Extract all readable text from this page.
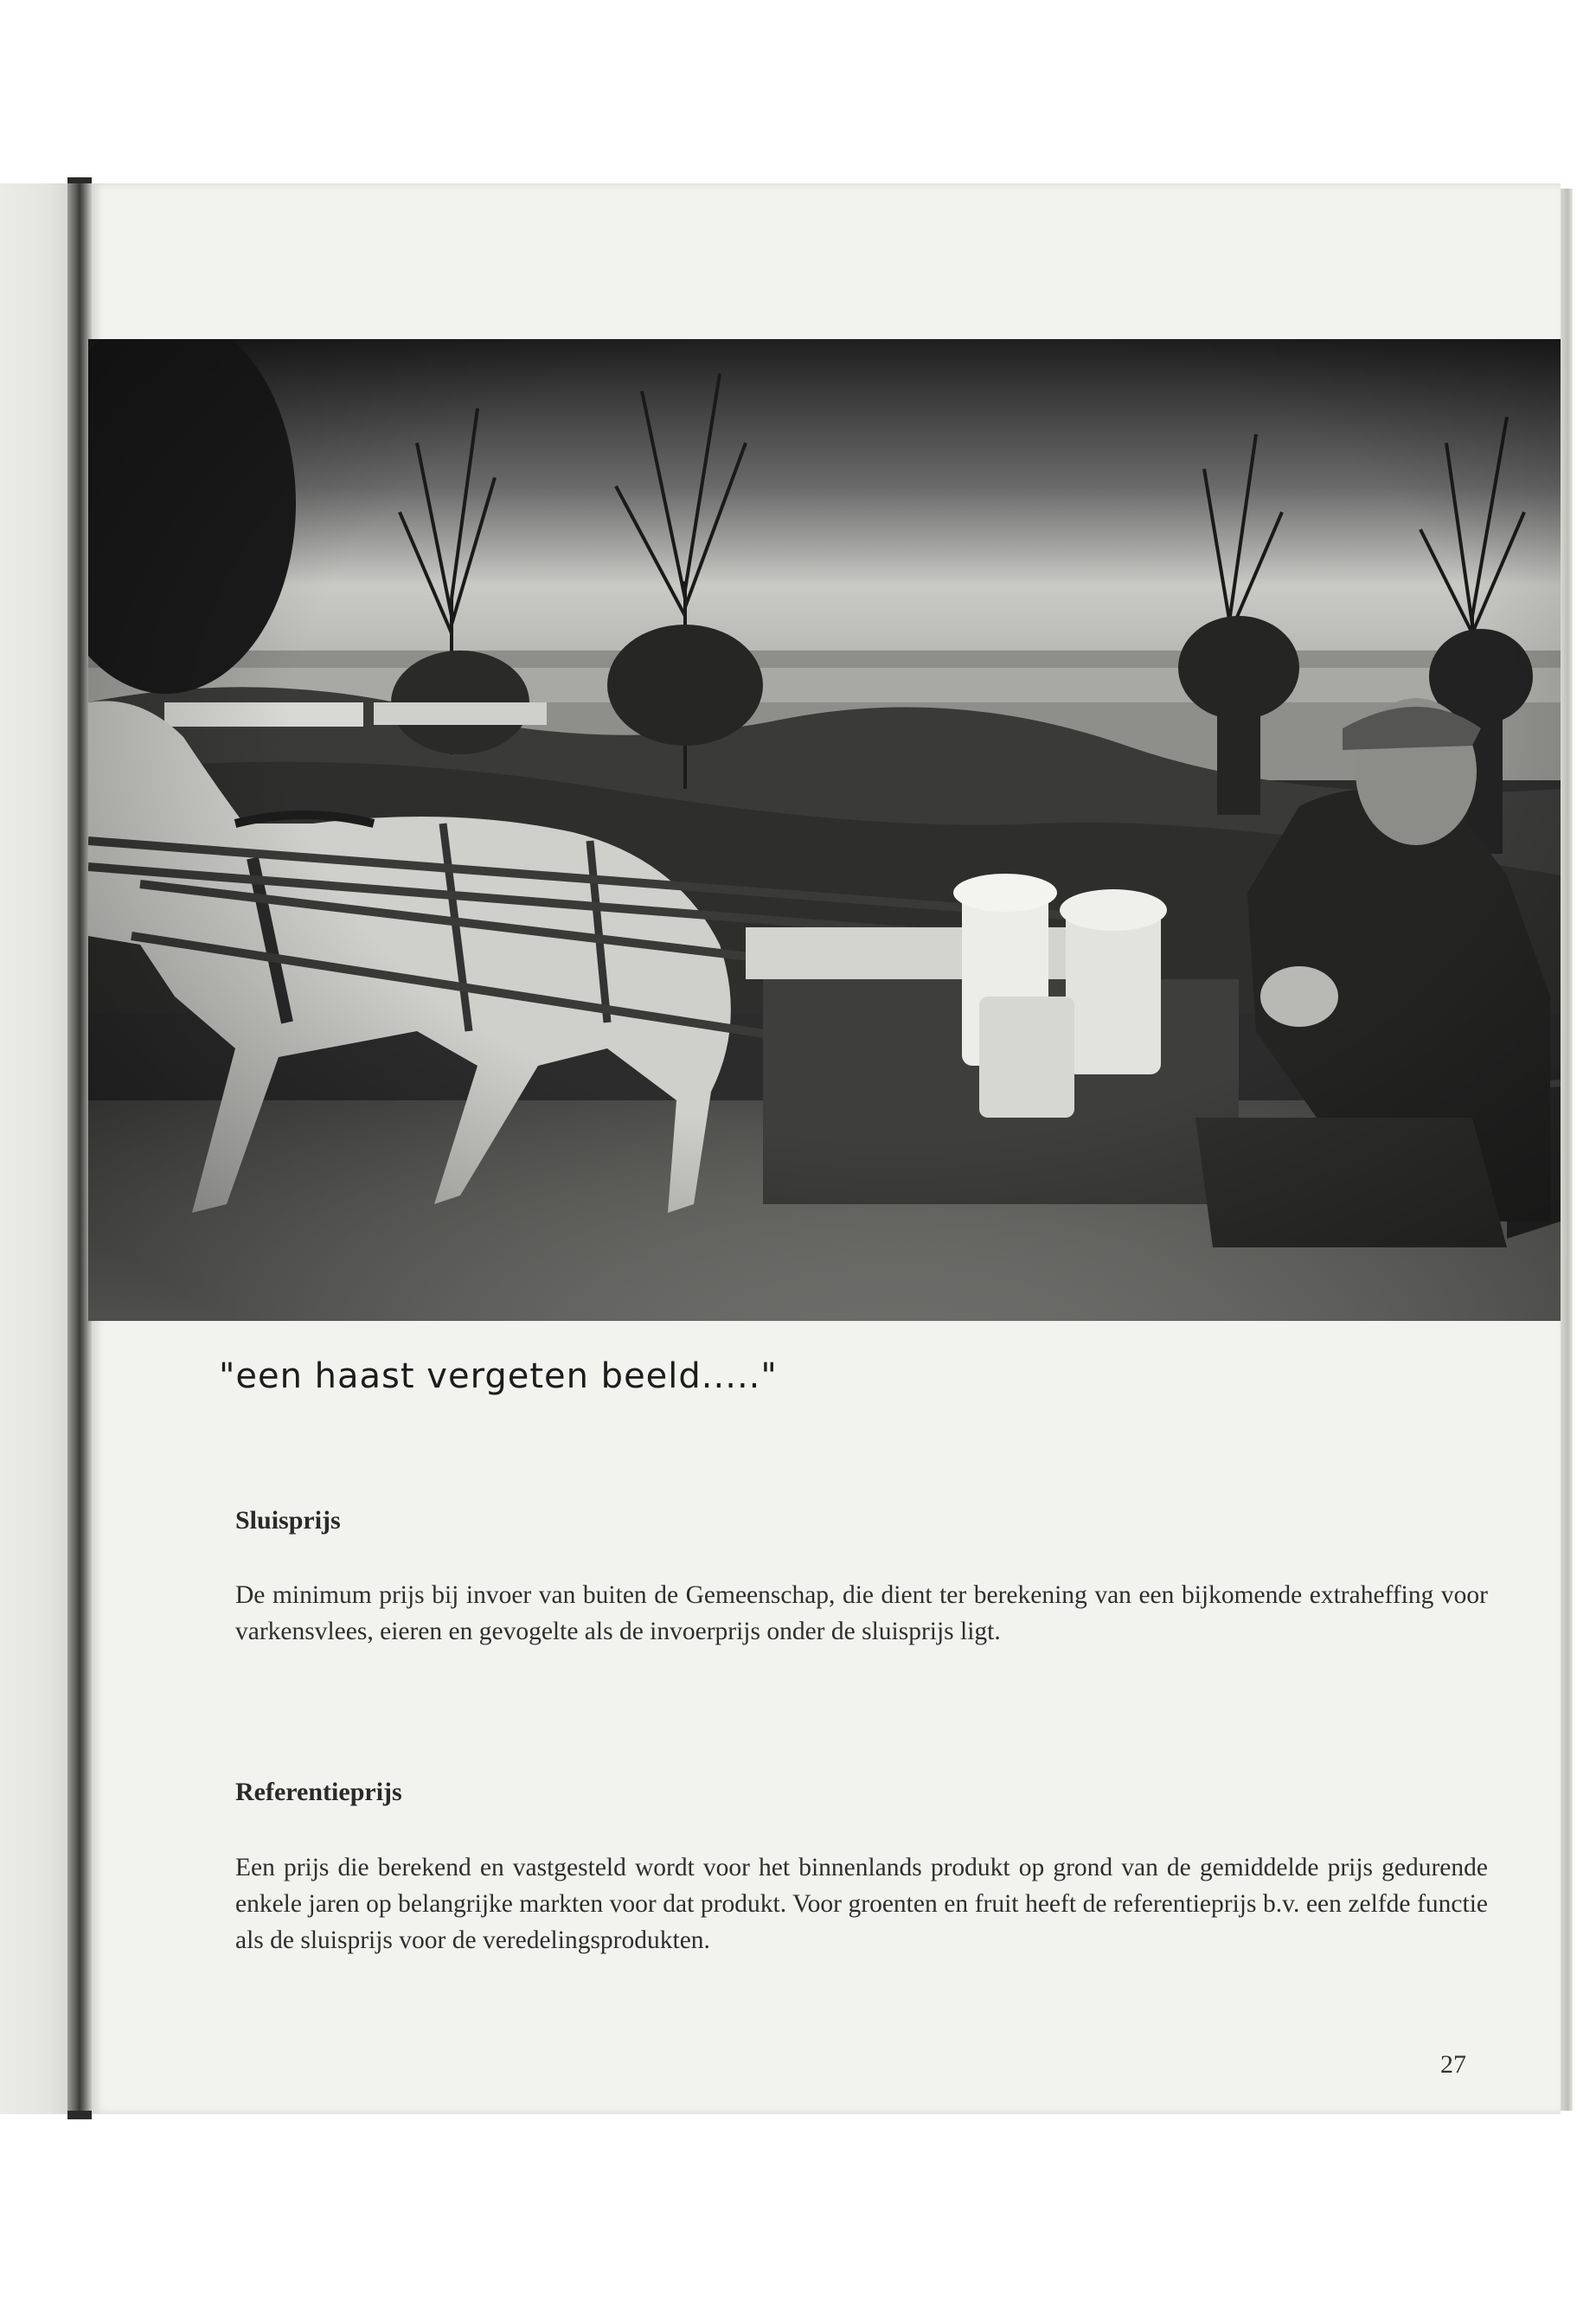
"een haast vergeten beeld....."
Sluisprijs
De minimum prijs bij invoer van buiten de Gemeenschap, die dient ter berekening van een bijkomende extraheffing voor varkensvlees, eieren en gevogelte als de invoerprijs onder de sluisprijs ligt.
Referentieprijs
Een prijs die berekend en vastgesteld wordt voor het binnenlands produkt op grond van de gemiddelde prijs gedurende enkele jaren op belangrijke markten voor dat produkt. Voor groenten en fruit heeft de referentieprijs b.v. een zelfde functie als de sluisprijs voor de veredelingsprodukten.
27
